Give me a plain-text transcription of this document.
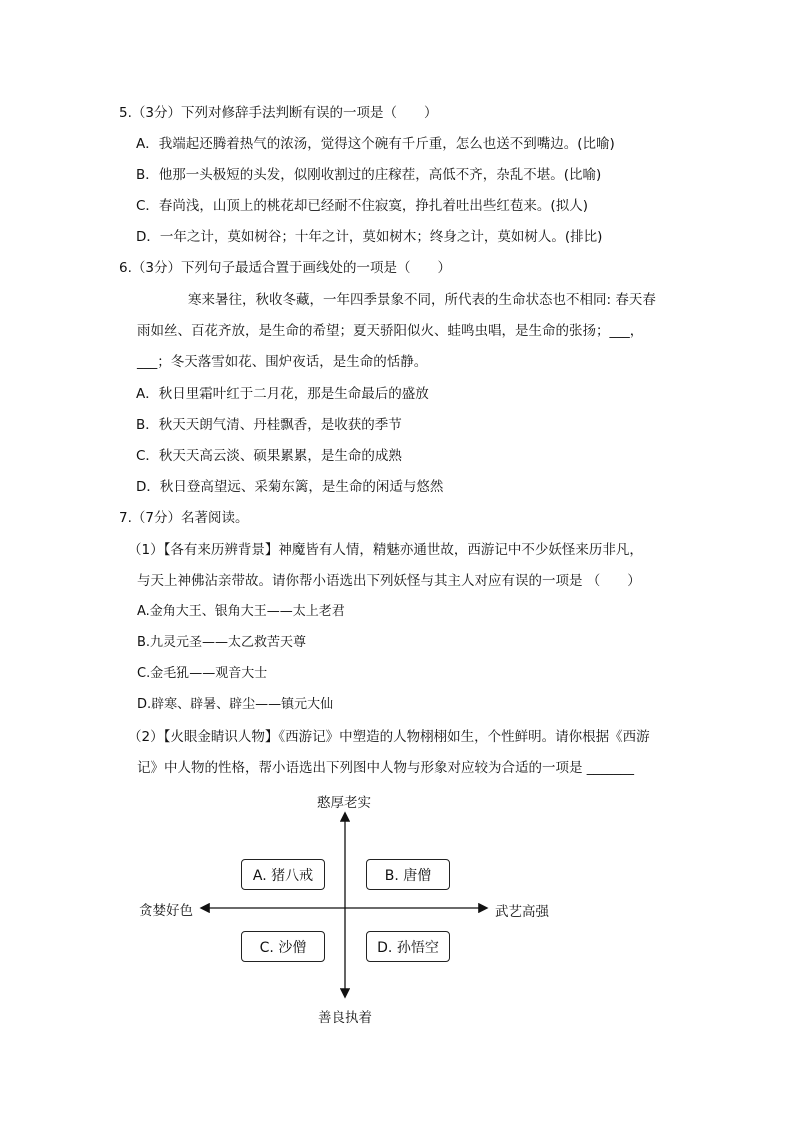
5.（3分）下列对修辞手法判断有误的一项是（　　）
A．我端起还腾着热气的浓汤，觉得这个碗有千斤重，怎么也送不到嘴边。(比喻)
B．他那一头极短的头发，似刚收割过的庄稼茬，高低不齐，杂乱不堪。(比喻)
C．春尚浅，山顶上的桃花却已经耐不住寂寞，挣扎着吐出些红苞来。(拟人)
D．一年之计，莫如树谷；十年之计，莫如树木；终身之计，莫如树人。(排比)
6.（3分）下列句子最适合置于画线处的一项是（　　）
寒来暑往，秋收冬藏，一年四季景象不同，所代表的生命状态也不相同: 春天春
雨如丝、百花齐放，是生命的希望；夏天骄阳似火、蛙鸣虫唱，是生命的张扬；___，
___；冬天落雪如花、围炉夜话，是生命的恬静。
A．秋日里霜叶红于二月花，那是生命最后的盛放
B．秋天天朗气清、丹桂飘香，是收获的季节
C．秋天天高云淡、硕果累累，是生命的成熟
D．秋日登高望远、采菊东篱，是生命的闲适与悠然
7.（7分）名著阅读。
（1）【各有来历辨背景】神魔皆有人情，精魅亦通世故，西游记中不少妖怪来历非凡，
与天上神佛沾亲带故。请你帮小语选出下列妖怪与其主人对应有误的一项是 （　　）
A.金角大王、银角大王——太上老君
B.九灵元圣——太乙救苦天尊
C.金毛犼——观音大士
D.辟寒、辟暑、辟尘——镇元大仙
（2）【火眼金睛识人物】《西游记》中塑造的人物栩栩如生，个性鲜明。请你根据《西游
记》中人物的性格，帮小语选出下列图中人物与形象对应较为合适的一项是 _______
憨厚老实
善良执着
贪婪好色	武艺高强
A. 猪八戒	B. 唐僧
C. 沙僧	D. 孙悟空
